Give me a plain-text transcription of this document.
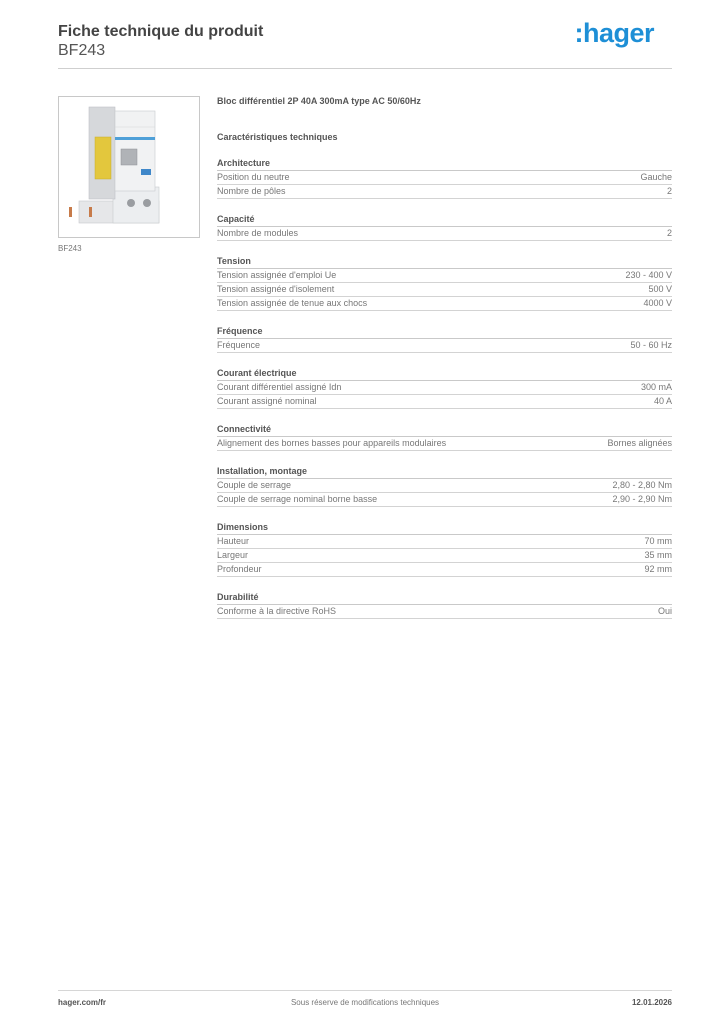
Fiche technique du produit
BF243
:hager
BF243
Bloc différentiel 2P 40A 300mA type AC 50/60Hz
Caractéristiques techniques
Architecture
Position du neutre	Gauche
Nombre de pôles	2
Capacité
Nombre de modules	2
Tension
Tension assignée d'emploi Ue	230 - 400 V
Tension assignée d'isolement	500 V
Tension assignée de tenue aux chocs	4000 V
Fréquence
Fréquence	50 - 60 Hz
Courant électrique
Courant différentiel assigné Idn	300 mA
Courant assigné nominal	40 A
Connectivité
Alignement des bornes basses pour appareils modulaires	Bornes alignées
Installation, montage
Couple de serrage	2,80 - 2,80 Nm
Couple de serrage nominal borne basse	2,90 - 2,90 Nm
Dimensions
Hauteur	70 mm
Largeur	35 mm
Profondeur	92 mm
Durabilité
Conforme à la directive RoHS	Oui
hager.com/fr	Sous réserve de modifications techniques	12.01.2026
